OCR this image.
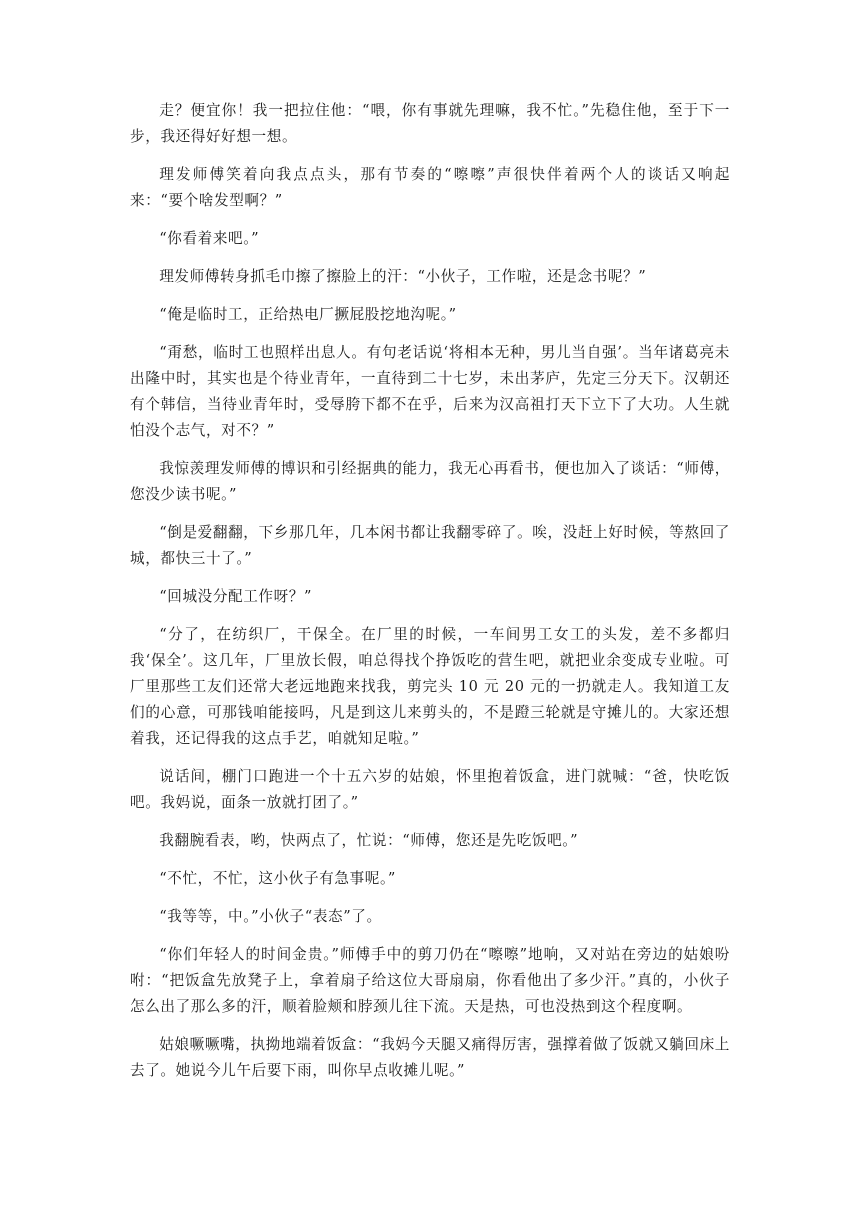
走？便宜你！我一把拉住他：“喂，你有事就先理嘛，我不忙。”先稳住他，至于下一步，我还得好好想一想。

理发师傅笑着向我点点头，那有节奏的“嚓嚓”声很快伴着两个人的谈话又响起来：“要个啥发型啊？”

“你看着来吧。”

理发师傅转身抓毛巾擦了擦脸上的汗：“小伙子，工作啦，还是念书呢？”

“俺是临时工，正给热电厂撅屁股挖地沟呢。”

“甭愁，临时工也照样出息人。有句老话说‘将相本无种，男儿当自强’。当年诸葛亮未出隆中时，其实也是个待业青年，一直待到二十七岁，未出茅庐，先定三分天下。汉朝还有个韩信，当待业青年时，受辱胯下都不在乎，后来为汉高祖打天下立下了大功。人生就怕没个志气，对不？”

我惊羡理发师傅的博识和引经据典的能力，我无心再看书，便也加入了谈话：“师傅，您没少读书呢。”

“倒是爱翻翻，下乡那几年，几本闲书都让我翻零碎了。唉，没赶上好时候，等熬回了城，都快三十了。”

“回城没分配工作呀？”

“分了，在纺织厂，干保全。在厂里的时候，一车间男工女工的头发，差不多都归我‘保全’。这几年，厂里放长假，咱总得找个挣饭吃的营生吧，就把业余变成专业啦。可厂里那些工友们还常大老远地跑来找我，剪完头 10 元 20 元的一扔就走人。我知道工友们的心意，可那钱咱能接吗，凡是到这儿来剪头的，不是蹬三轮就是守摊儿的。大家还想着我，还记得我的这点手艺，咱就知足啦。”

说话间，棚门口跑进一个十五六岁的姑娘，怀里抱着饭盒，进门就喊：“爸，快吃饭吧。我妈说，面条一放就打团了。”

我翻腕看表，哟，快两点了，忙说：“师傅，您还是先吃饭吧。”

“不忙，不忙，这小伙子有急事呢。”

“我等等，中。”小伙子“表态”了。

“你们年轻人的时间金贵。”师傅手中的剪刀仍在“嚓嚓”地响，又对站在旁边的姑娘吩咐：“把饭盒先放凳子上，拿着扇子给这位大哥扇扇，你看他出了多少汗。”真的，小伙子怎么出了那么多的汗，顺着脸颊和脖颈儿往下流。天是热，可也没热到这个程度啊。

姑娘噘噘嘴，执拗地端着饭盒：“我妈今天腿又痛得厉害，强撑着做了饭就又躺回床上去了。她说今儿午后要下雨，叫你早点收摊儿呢。”
